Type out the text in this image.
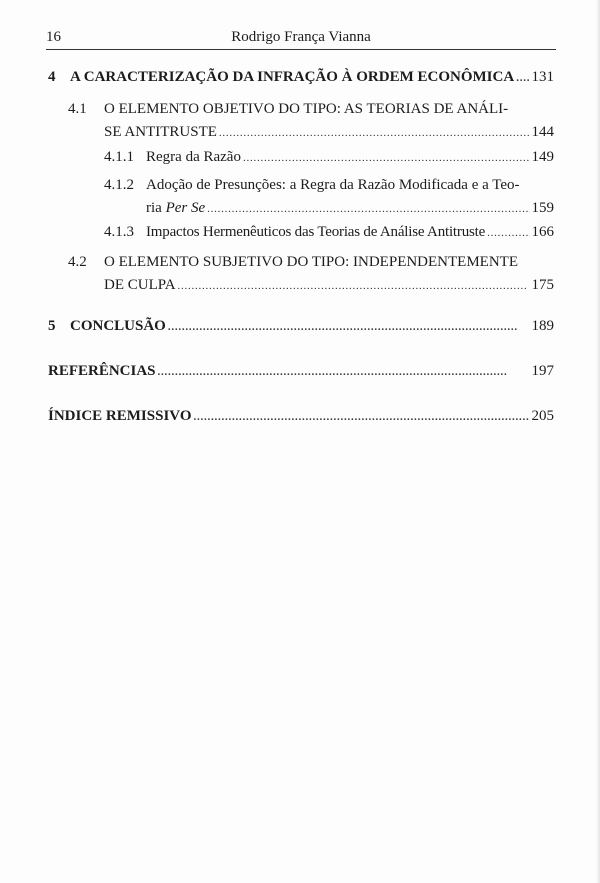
16	Rodrigo França Vianna
4 A CARACTERIZAÇÃO DA INFRAÇÃO À ORDEM ECONÔMICA . . . 131
4.1	O ELEMENTO OBJETIVO DO TIPO: AS TEORIAS DE ANÁLI-
SE ANTITRUSTE . . .	144
4.1.1 Regra da Razão . . .	149
4.1.2 Adoção de Presunções: a Regra da Razão Modificada e a Teo-
ria Per Se . . .	159
4.1.3 Impactos Hermenêuticos das Teorias de Análise Antitruste . . .	166
4.2	O ELEMENTO SUBJETIVO DO TIPO: INDEPENDENTEMENTE
DE CULPA . . .	175
5 CONCLUSÃO . . .	189
REFERÊNCIAS . . .	197
ÍNDICE REMISSIVO . . .	205
